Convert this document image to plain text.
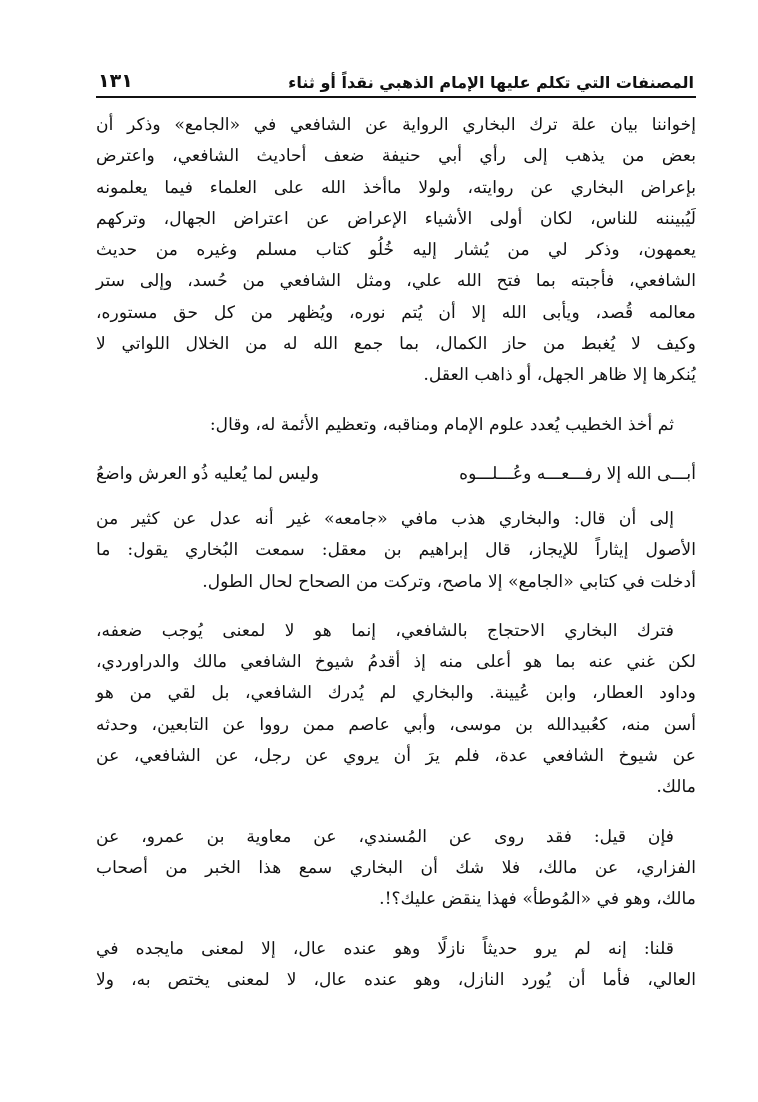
المصنفات التي تكلم عليها الإمام الذهبي نقداً أو ثناء
١٣١
إخواننا بيان علة ترك البخاري الرواية عن الشافعي في «الجامع» وذكر أن
بعض من يذهب إلى رأي أبي حنيفة ضعف أحاديث الشافعي، واعترض
بإعراض البخاري عن روايته، ولولا ماأخذ الله على العلماء فيما يعلمونه
لَيُبيننه للناس، لكان أولى الأشياء الإعراض عن اعتراض الجهال، وتركهم
يعمهون، وذكر لي من يُشار إليه خُلُو كتاب مسلم وغيره من حديث
الشافعي، فأجبته بما فتح الله علي، ومثل الشافعي من حُسد، وإلى ستر
معالمه قُصد، ويأبى الله إلا أن يُتم نوره، ويُظهر من كل حق مستوره،
وكيف لا يُغبط من حاز الكمال، بما جمع الله له من الخلال اللواتي لا
يُنكرها إلا ظاهر الجهل، أو ذاهب العقل.
ثم أخذ الخطيب يُعدد علوم الإمام ومناقبه، وتعظيم الأئمة له، وقال:
أبـــى الله إلا رفـــعـــه وعُـــلـــوه
وليس لما يُعليه ذُو العرش واضعُ
إلى أن قال: والبخاري هذب مافي «جامعه» غير أنه عدل عن كثير من
الأصول إيثاراً للإيجاز، قال إبراهيم بن معقل: سمعت البُخاري يقول: ما
أدخلت في كتابي «الجامع» إلا ماصح، وتركت من الصحاح لحال الطول.
فترك البخاري الاحتجاج بالشافعي، إنما هو لا لمعنى يُوجب ضعفه،
لكن غني عنه بما هو أعلى منه إذ أقدمُ شيوخ الشافعي مالك والدراوردي،
وداود العطار، وابن عُيينة. والبخاري لم يُدرك الشافعي، بل لقي من هو
أسن منه، كعُبيدالله بن موسى، وأبي عاصم ممن رووا عن التابعين، وحدثه
عن شيوخ الشافعي عدة، فلم يرَ أن يروي عن رجل، عن الشافعي، عن
مالك.
فإن قيل: فقد روى عن المُسندي، عن معاوية بن عمرو، عن
الفزاري، عن مالك، فلا شك أن البخاري سمع هذا الخبر من أصحاب
مالك، وهو في «المُوطأ» فهذا ينقض عليك؟!.
قلنا: إنه لم يرو حديثاً نازلًا وهو عنده عال، إلا لمعنى مايجده في
العالي، فأما أن يُورد النازل، وهو عنده عال، لا لمعنى يختص به، ولا
